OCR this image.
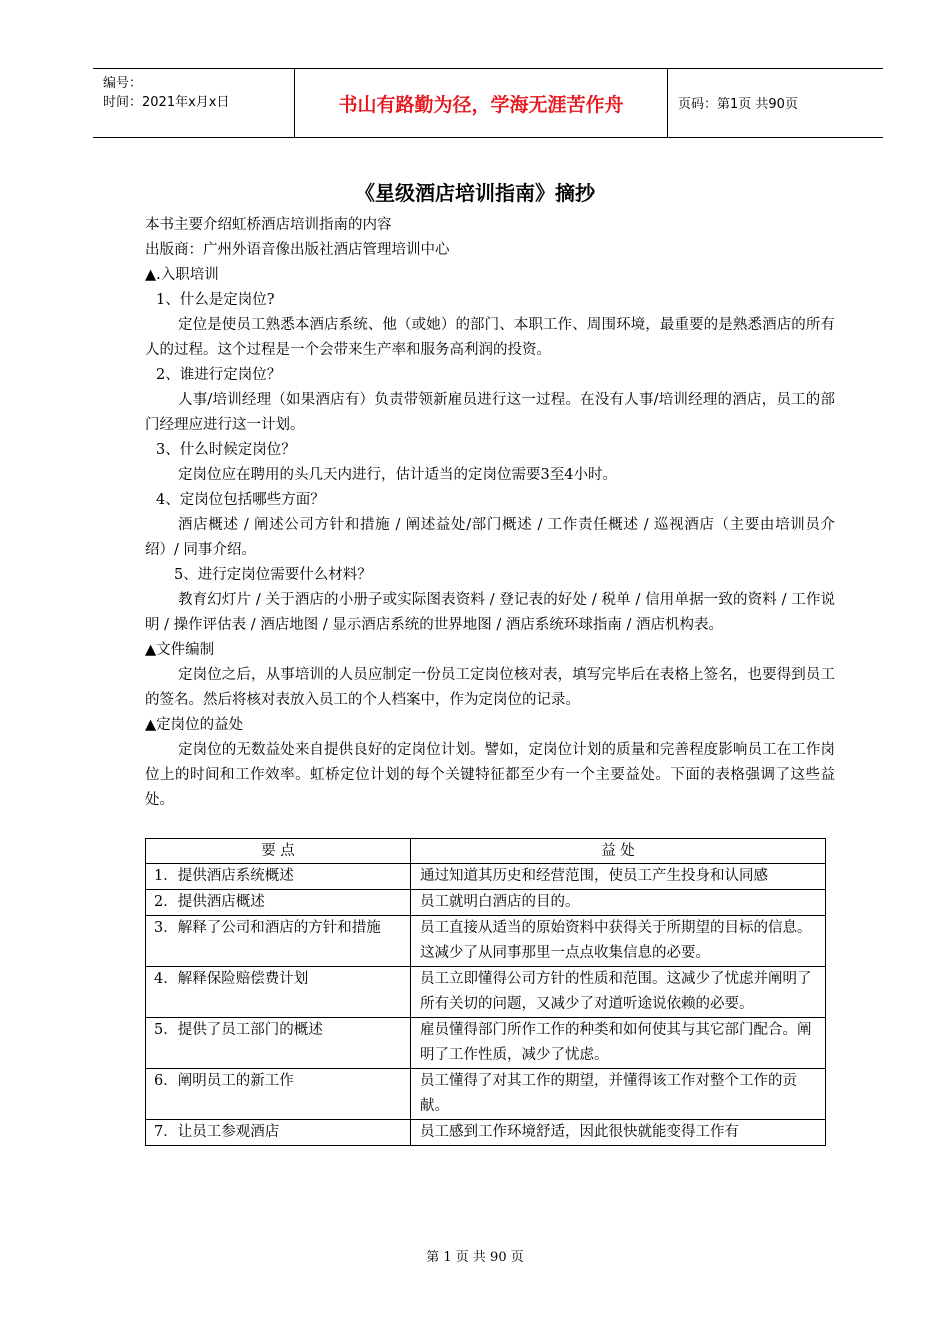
编号：
时间：2021年x月x日	书山有路勤为径，学海无涯苦作舟	页码：第1页 共90页
《星级酒店培训指南》摘抄

本书主要介绍虹桥酒店培训指南的内容

出版商：广州外语音像出版社酒店管理培训中心

▲.入职培训

1、什么是定岗位?

定位是使员工熟悉本酒店系统、他（或她）的部门、本职工作、周围环境，最重要的是熟悉酒店的所有人的过程。这个过程是一个会带来生产率和服务高利润的投资。

2、谁进行定岗位？

人事/培训经理（如果酒店有）负责带领新雇员进行这一过程。在没有人事/培训经理的酒店，员工的部门经理应进行这一计划。

3、什么时候定岗位？

定岗位应在聘用的头几天内进行，估计适当的定岗位需要3至4小时。

4、定岗位包括哪些方面？

酒店概述 / 阐述公司方针和措施 / 阐述益处/部门概述 / 工作责任概述 / 巡视酒店（主要由培训员介绍）/ 同事介绍。

5、进行定岗位需要什么材料？

教育幻灯片 / 关于酒店的小册子或实际图表资料 / 登记表的好处 / 税单 / 信用单据一致的资料 / 工作说明 / 操作评估表 / 酒店地图 / 显示酒店系统的世界地图 / 酒店系统环球指南 / 酒店机构表。

▲文件编制

定岗位之后，从事培训的人员应制定一份员工定岗位核对表，填写完毕后在表格上签名，也要得到员工的签名。然后将核对表放入员工的个人档案中，作为定岗位的记录。

▲定岗位的益处

定岗位的无数益处来自提供良好的定岗位计划。譬如，定岗位计划的质量和完善程度影响员工在工作岗位上的时间和工作效率。虹桥定位计划的每个关键特征都至少有一个主要益处。下面的表格强调了这些益处。

要 点	益 处
1．提供酒店系统概述	通过知道其历史和经营范围，使员工产生投身和认同感
2．提供酒店概述	员工就明白酒店的目的。
3．解释了公司和酒店的方针和措施	员工直接从适当的原始资料中获得关于所期望的目标的信息。这减少了从同事那里一点点收集信息的必要。
4．解释保险赔偿费计划	员工立即懂得公司方针的性质和范围。这减少了忧虑并阐明了所有关切的问题，又减少了对道听途说依赖的必要。
5．提供了员工部门的概述	雇员懂得部门所作工作的种类和如何使其与其它部门配合。阐明了工作性质，减少了忧虑。
6．阐明员工的新工作	员工懂得了对其工作的期望，并懂得该工作对整个工作的贡献。
7．让员工参观酒店	员工感到工作环境舒适，因此很快就能变得工作有
第 1 页 共 90 页
